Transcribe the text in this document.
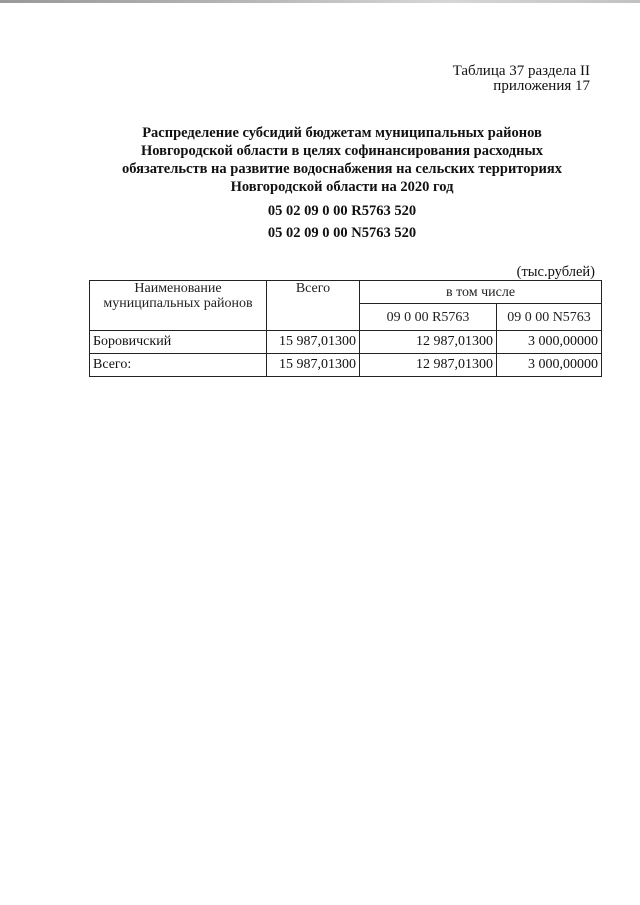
Таблица 37 раздела II
приложения 17
Распределение субсидий бюджетам муниципальных районов
Новгородской области в целях софинансирования расходных
обязательств на развитие водоснабжения на сельских территориях
Новгородской области на 2020 год
05 02 09 0 00 R5763 520
05 02 09 0 00 N5763 520
(тыс.рублей)
Наименование
муниципальных районов	Всего	в том числе	
		09 0 00 R5763	09 0 00 N5763
Боровичский	15 987,01300	12 987,01300	3 000,00000
Всего:	15 987,01300	12 987,01300	3 000,00000
